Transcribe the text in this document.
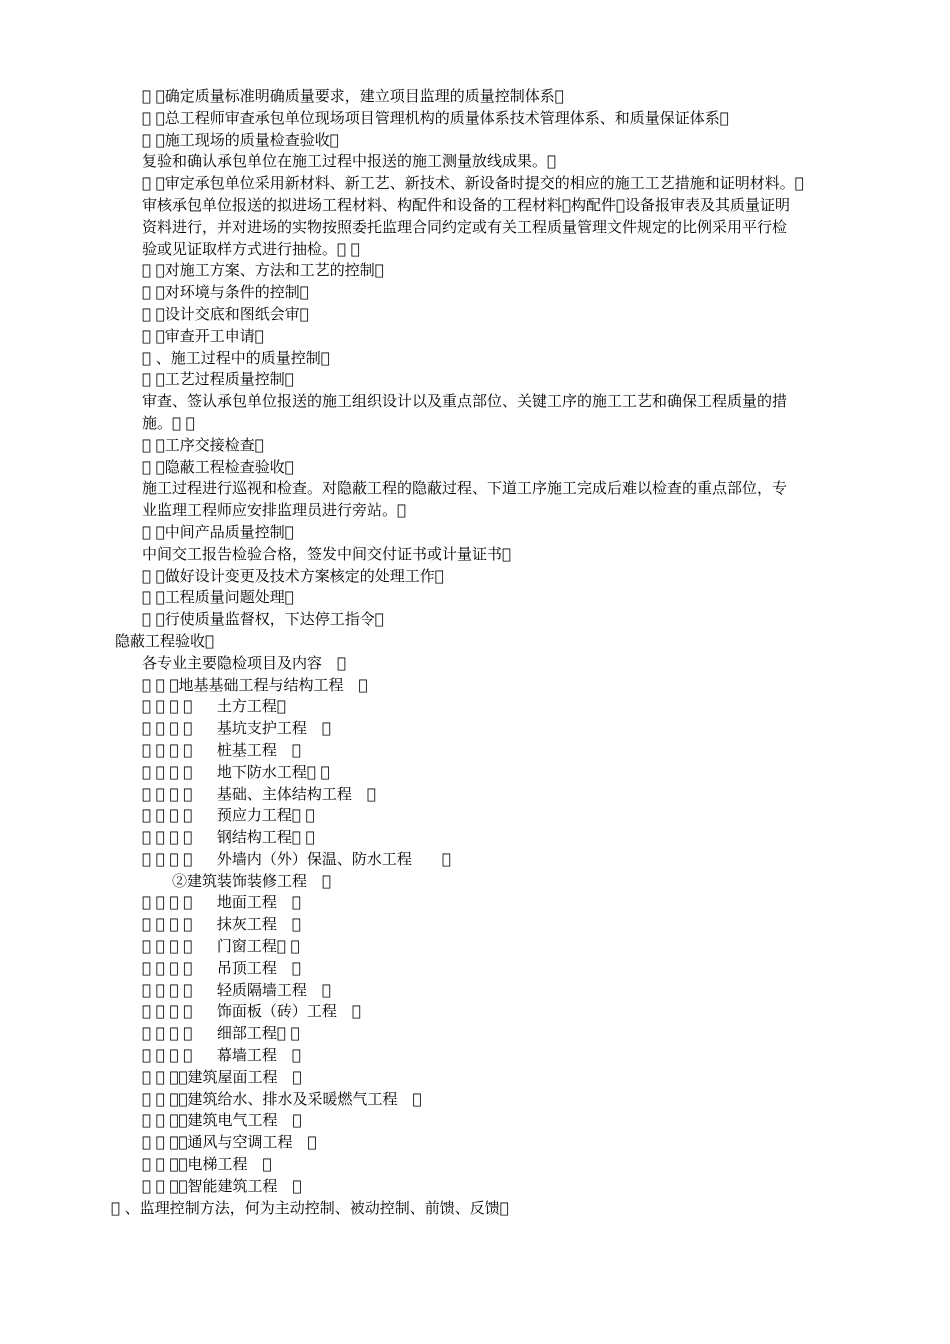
）确定质量标准明确质量要求，建立项目监理的质量控制体系
）总工程师审查承包单位现场项目管理机构的质量体系技术管理体系、和质量保证体系
）施工现场的质量检查验收
复验和确认承包单位在施工过程中报送的施工测量放线成果。
）审定承包单位采用新材料、新工艺、新技术、新设备时提交的相应的施工工艺措施和证明材料。
审核承包单位报送的拟进场工程材料、构配件和设备的工程材料 构配件 设备报审表及其质量证明
资料进行，并对进场的实物按照委托监理合同约定或有关工程质量管理文件规定的比例采用平行检
验或见证取样方式进行抽检。
）对施工方案、方法和工艺的控制
）对环境与条件的控制
）设计交底和图纸会审
）审查开工申请
、施工过程中的质量控制
）工艺过程质量控制
审查、签认承包单位报送的施工组织设计以及重点部位、关键工序的施工工艺和确保工程质量的措
施。
）工序交接检查
）隐蔽工程检查验收
施工过程进行巡视和检查。对隐蔽工程的隐蔽过程、下道工序施工完成后难以检查的重点部位，专
业监理工程师应安排监理员进行旁站。
）中间产品质量控制
中间交工报告检验合格，签发中间交付证书或计量证书
）做好设计变更及技术方案核定的处理工作
）工程质量问题处理
）行使质量监督权，下达停工指令
隐蔽工程验收
各专业主要隐检项目及内容　
①地基基础工程与结构工程　
　 土方工程
　 基坑支护工程　
　 桩基工程　
　 地下防水工程
　 基础、主体结构工程　
　 预应力工程
　 钢结构工程
　 外墙内（外）保温、防水工程　　
　　②建筑装饰装修工程　
　 地面工程　
　 抹灰工程　
　 门窗工程
　 吊顶工程　
　 轻质隔墙工程　
　 饰面板（砖）工程　
　 细部工程
　 幕墙工程　
③建筑屋面工程　
④建筑给水、排水及采暖燃气工程　
⑤建筑电气工程　
⑥通风与空调工程　
⑦电梯工程　
⑧智能建筑工程　
、监理控制方法，何为主动控制、被动控制、前馈、反馈
